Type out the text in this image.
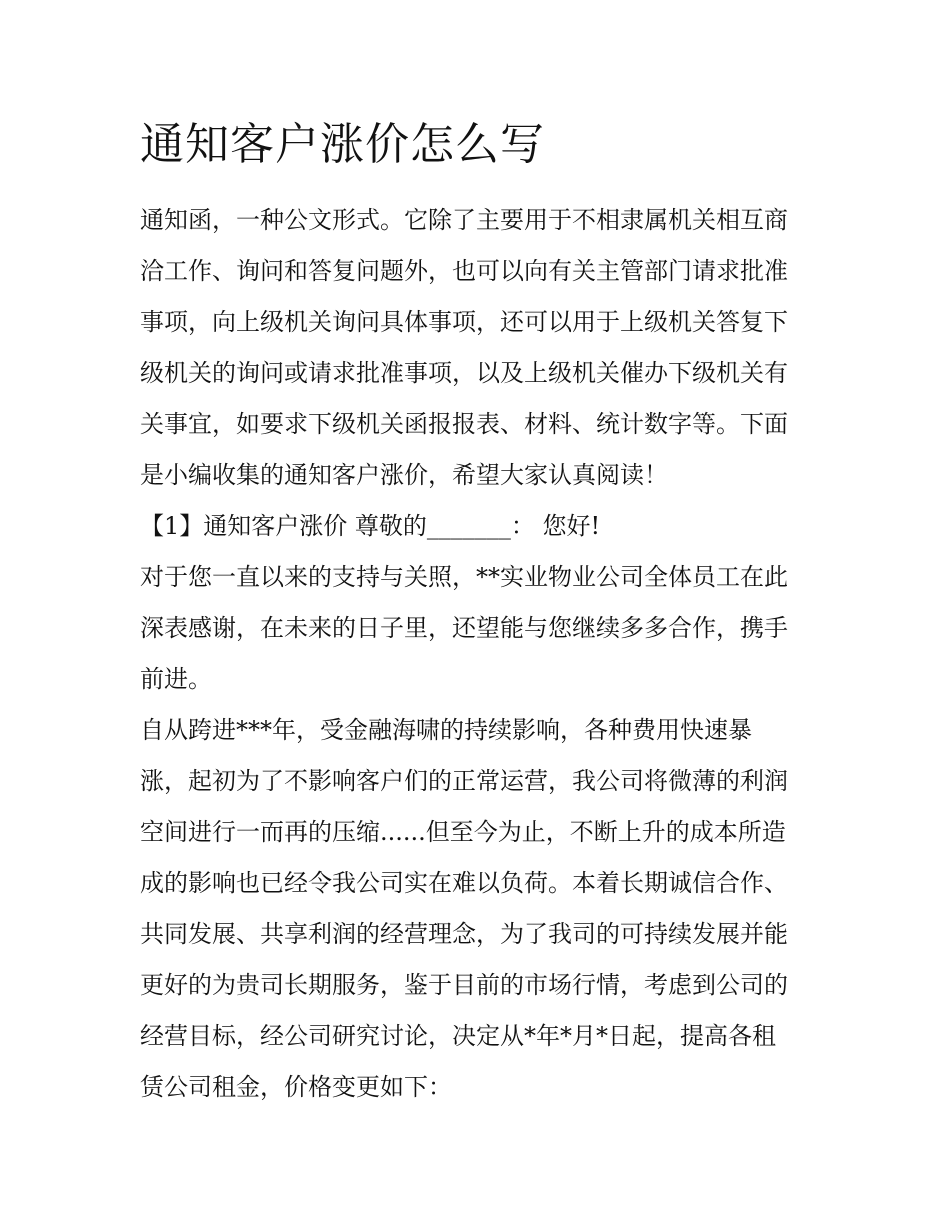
通知客户涨价怎么写

通知函，一种公文形式。它除了主要用于不相隶属机关相互商

洽工作、询问和答复问题外，也可以向有关主管部门请求批准

事项，向上级机关询问具体事项，还可以用于上级机关答复下

级机关的询问或请求批准事项，以及上级机关催办下级机关有

关事宜，如要求下级机关函报报表、材料、统计数字等。下面

是小编收集的通知客户涨价，希望大家认真阅读！

【1】通知客户涨价 尊敬的_______： 您好!

对于您一直以来的支持与关照，**实业物业公司全体员工在此

深表感谢，在未来的日子里，还望能与您继续多多合作，携手

前进。

自从跨进***年，受金融海啸的持续影响，各种费用快速暴

涨，起初为了不影响客户们的正常运营，我公司将微薄的利润

空间进行一而再的压缩......但至今为止，不断上升的成本所造

成的影响也已经令我公司实在难以负荷。本着长期诚信合作、

共同发展、共享利润的经营理念，为了我司的可持续发展并能

更好的为贵司长期服务，鉴于目前的市场行情，考虑到公司的

经营目标，经公司研究讨论，决定从*年*月*日起，提高各租

赁公司租金，价格变更如下：
